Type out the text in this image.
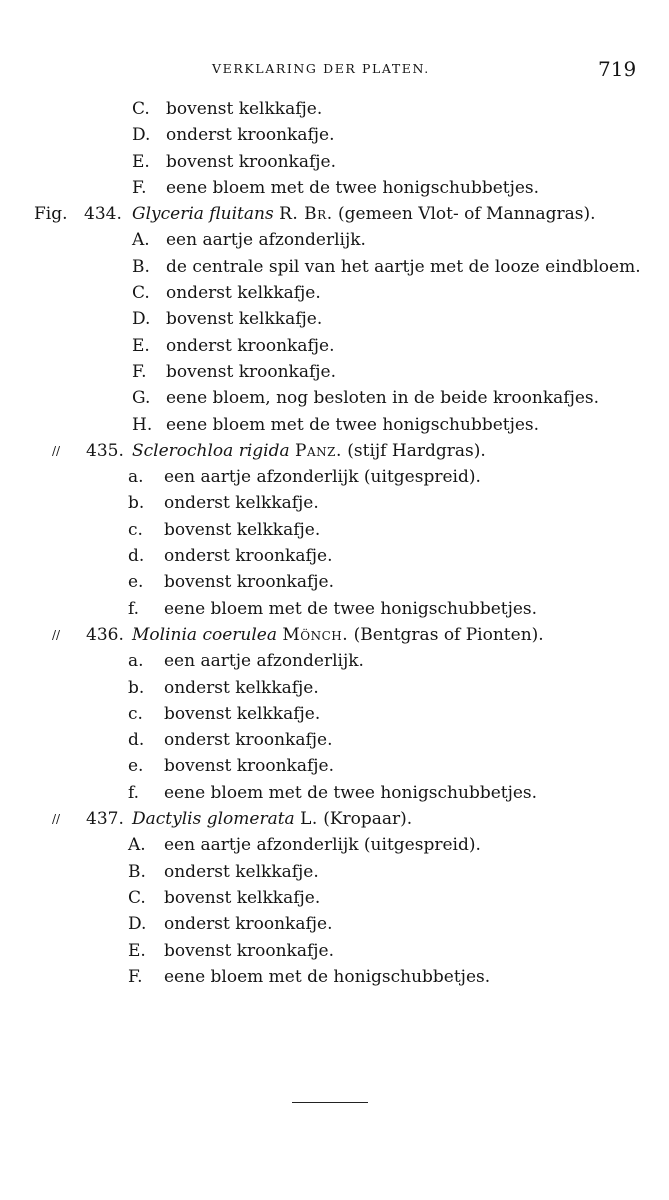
VERKLARING DER PLATEN.	719
C. bovenst kelkkafje.
D. onderst kroonkafje.
E. bovenst kroonkafje.
F. eene bloem met de twee honigschubbetjes.
Fig. 434. Glyceria fluitans R. Br. (gemeen Vlot- of Mannagras).
A. een aartje afzonderlijk.
B. de centrale spil van het aartje met de looze eindbloem.
C. onderst kelkkafje.
D. bovenst kelkkafje.
E. onderst kroonkafje.
F. bovenst kroonkafje.
G. eene bloem, nog besloten in de beide kroonkafjes.
H. eene bloem met de twee honigschubbetjes.
// 435. Sclerochloa rigida Panz. (stijf Hardgras).
a. een aartje afzonderlijk (uitgespreid).
b. onderst kelkkafje.
c. bovenst kelkkafje.
d. onderst kroonkafje.
e. bovenst kroonkafje.
f. eene bloem met de twee honigschubbetjes.
// 436. Molinia coerulea Mönch. (Bentgras of Pionten).
a. een aartje afzonderlijk.
b. onderst kelkkafje.
c. bovenst kelkkafje.
d. onderst kroonkafje.
e. bovenst kroonkafje.
f. eene bloem met de twee honigschubbetjes.
// 437. Dactylis glomerata L. (Kropaar).
A. een aartje afzonderlijk (uitgespreid).
B. onderst kelkkafje.
C. bovenst kelkkafje.
D. onderst kroonkafje.
E. bovenst kroonkafje.
F. eene bloem met de honigschubbetjes.
